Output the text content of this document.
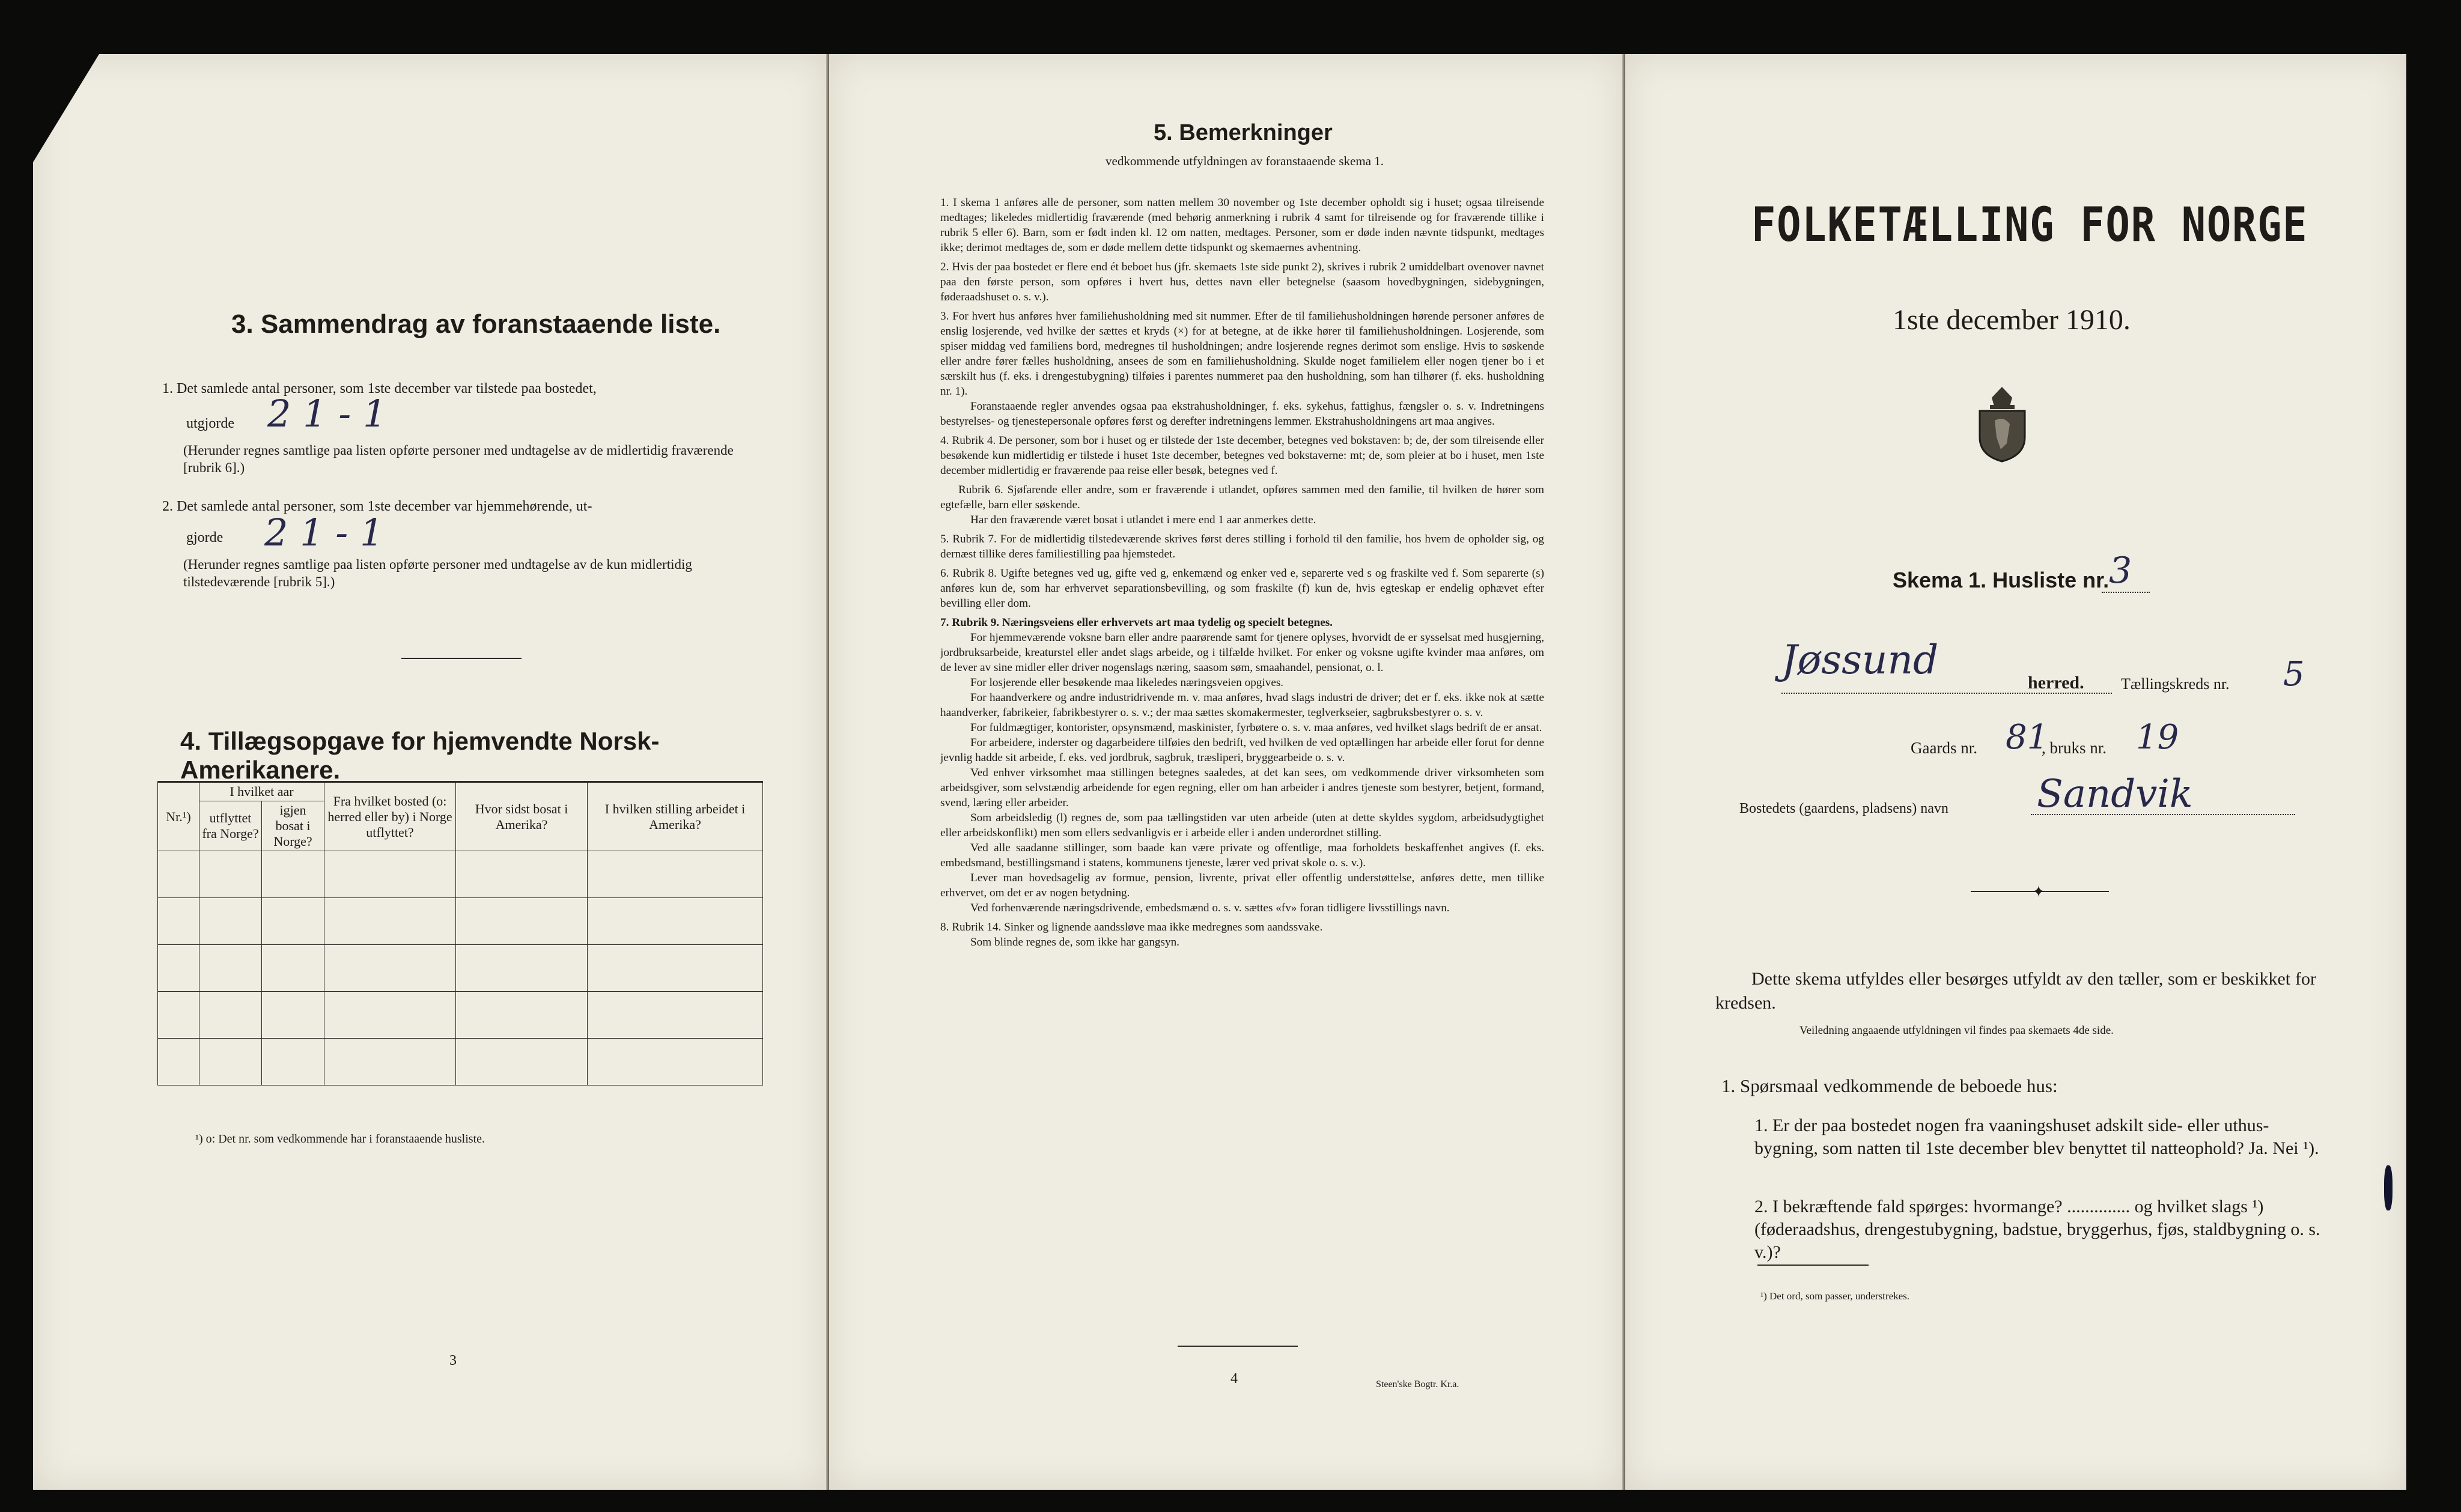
3. Sammendrag av foranstaaende liste.
1. Det samlede antal personer, som 1ste december var tilstede paa bostedet,
utgjorde 2 1 - 1
(Herunder regnes samtlige paa listen opførte personer med undtagelse av de midlertidig fraværende [rubrik 6].)
2. Det samlede antal personer, som 1ste december var hjemmehørende, ut-
gjorde 2 1 - 1
(Herunder regnes samtlige paa listen opførte personer med undtagelse av de kun midlertidig tilstedeværende [rubrik 5].)
4. Tillægsopgave for hjemvendte Norsk-Amerikanere.
Nr.¹)	I hvilket aar		Fra hvilket bosted (o: herred eller by) i Norge utflyttet?	Hvor sidst bosat i Amerika?	I hvilken stilling arbeidet i Amerika?
	utflyttet fra Norge?	igjen bosat i Norge?			

¹) o: Det nr. som vedkommende har i foranstaaende husliste.
3
5. Bemerkninger
vedkommende utfyldningen av foranstaaende skema 1.

1. I skema 1 anføres alle de personer, som natten mellem 30 november og 1ste december opholdt sig i huset; ogsaa tilreisende medtages; likeledes midlertidig fraværende (med behørig anmerkning i rubrik 4 samt for tilreisende og for fraværende tillike i rubrik 5 eller 6). Barn, som er født inden kl. 12 om natten, medtages. Personer, som er døde inden nævnte tidspunkt, medtages ikke; derimot medtages de, som er døde mellem dette tidspunkt og skemaernes avhentning.

2. Hvis der paa bostedet er flere end ét beboet hus (jfr. skemaets 1ste side punkt 2), skrives i rubrik 2 umiddelbart ovenover navnet paa den første person, som opføres i hvert hus, dettes navn eller betegnelse (saasom hovedbygningen, sidebygningen, føderaadshuset o. s. v.).

3. For hvert hus anføres hver familiehusholdning med sit nummer. Efter de til familiehusholdningen hørende personer anføres de enslig losjerende, ved hvilke der sættes et kryds (×) for at betegne, at de ikke hører til familiehusholdningen. Losjerende, som spiser middag ved familiens bord, medregnes til husholdningen; andre losjerende regnes derimot som enslige. Hvis to søskende eller andre fører fælles husholdning, ansees de som en familiehusholdning. Skulde noget familielem eller nogen tjener bo i et særskilt hus (f. eks. i drengestubygning) tilføies i parentes nummeret paa den husholdning, som han tilhører (f. eks. husholdning nr. 1).

Foranstaaende regler anvendes ogsaa paa ekstrahusholdninger, f. eks. sykehus, fattighus, fængsler o. s. v. Indretningens bestyrelses- og tjenestepersonale opføres først og derefter indretningens lemmer. Ekstrahusholdningens art maa angives.

4. Rubrik 4. De personer, som bor i huset og er tilstede der 1ste december, betegnes ved bokstaven: b; de, der som tilreisende eller besøkende kun midlertidig er tilstede i huset 1ste december, betegnes ved bokstaverne: mt; de, som pleier at bo i huset, men 1ste december midlertidig er fraværende paa reise eller besøk, betegnes ved f.

Rubrik 6. Sjøfarende eller andre, som er fraværende i utlandet, opføres sammen med den familie, til hvilken de hører som egtefælle, barn eller søskende.

Har den fraværende været bosat i utlandet i mere end 1 aar anmerkes dette.

5. Rubrik 7. For de midlertidig tilstedeværende skrives først deres stilling i forhold til den familie, hos hvem de opholder sig, og dernæst tillike deres familiestilling paa hjemstedet.

6. Rubrik 8. Ugifte betegnes ved ug, gifte ved g, enkemænd og enker ved e, separerte ved s og fraskilte ved f. Som separerte (s) anføres kun de, som har erhvervet separationsbevilling, og som fraskilte (f) kun de, hvis egteskap er endelig ophævet efter bevilling eller dom.

7. Rubrik 9. Næringsveiens eller erhvervets art maa tydelig og specielt betegnes.

For hjemmeværende voksne barn eller andre paarørende samt for tjenere oplyses, hvorvidt de er sysselsat med husgjerning, jordbruksarbeide, kreaturstel eller andet slags arbeide, og i tilfælde hvilket. For enker og voksne ugifte kvinder maa anføres, om de lever av sine midler eller driver nogenslags næring, saasom søm, smaahandel, pensionat, o. l.

For losjerende eller besøkende maa likeledes næringsveien opgives.

For haandverkere og andre industridrivende m. v. maa anføres, hvad slags industri de driver; det er f. eks. ikke nok at sætte haandverker, fabrikeier, fabrikbestyrer o. s. v.; der maa sættes skomakermester, teglverkseier, sagbruksbestyrer o. s. v.

For fuldmægtiger, kontorister, opsynsmænd, maskinister, fyrbøtere o. s. v. maa anføres, ved hvilket slags bedrift de er ansat.

For arbeidere, inderster og dagarbeidere tilføies den bedrift, ved hvilken de ved optællingen har arbeide eller forut for denne jevnlig hadde sit arbeide, f. eks. ved jordbruk, sagbruk, træsliperi, bryggearbeide o. s. v.

Ved enhver virksomhet maa stillingen betegnes saaledes, at det kan sees, om vedkommende driver virksomheten som arbeidsgiver, som selvstændig arbeidende for egen regning, eller om han arbeider i andres tjeneste som bestyrer, betjent, formand, svend, læring eller arbeider.

Som arbeidsledig (l) regnes de, som paa tællingstiden var uten arbeide (uten at dette skyldes sygdom, arbeidsudygtighet eller arbeidskonflikt) men som ellers sedvanligvis er i arbeide eller i anden underordnet stilling.

Ved alle saadanne stillinger, som baade kan være private og offentlige, maa forholdets beskaffenhet angives (f. eks. embedsmand, bestillingsmand i statens, kommunens tjeneste, lærer ved privat skole o. s. v.).

Lever man hovedsagelig av formue, pension, livrente, privat eller offentlig understøttelse, anføres dette, men tillike erhvervet, om det er av nogen betydning.

Ved forhenværende næringsdrivende, embedsmænd o. s. v. sættes «fv» foran tidligere livsstillings navn.

8. Rubrik 14. Sinker og lignende aandssløve maa ikke medregnes som aandssvake.

Som blinde regnes de, som ikke har gangsyn.

4	Steen'ske Bogtr. Kr.a.
FOLKETÆLLING FOR NORGE
1ste december 1910.
Skema 1. Husliste nr. 3
Jøssund	herred. Tællingskreds nr. 5
Gaards nr. 81
, bruks nr. 19
Bostedets (gaardens, pladsens) navn Sandvik
✦
Dette skema utfyldes eller besørges utfyldt av den tæller, som er beskikket for kredsen.
Veiledning angaaende utfyldningen vil findes paa skemaets 4de side.
1. Spørsmaal vedkommende de beboede hus:
1. Er der paa bostedet nogen fra vaaningshuset adskilt side- eller uthus-bygning, som natten til 1ste december blev benyttet til natteophold? Ja. Nei ¹).
2. I bekræftende fald spørges: hvormange? .............. og hvilket slags ¹) (føderaadshus, drengestubygning, badstue, bryggerhus, fjøs, staldbygning o. s. v.)?
¹) Det ord, som passer, understrekes.
